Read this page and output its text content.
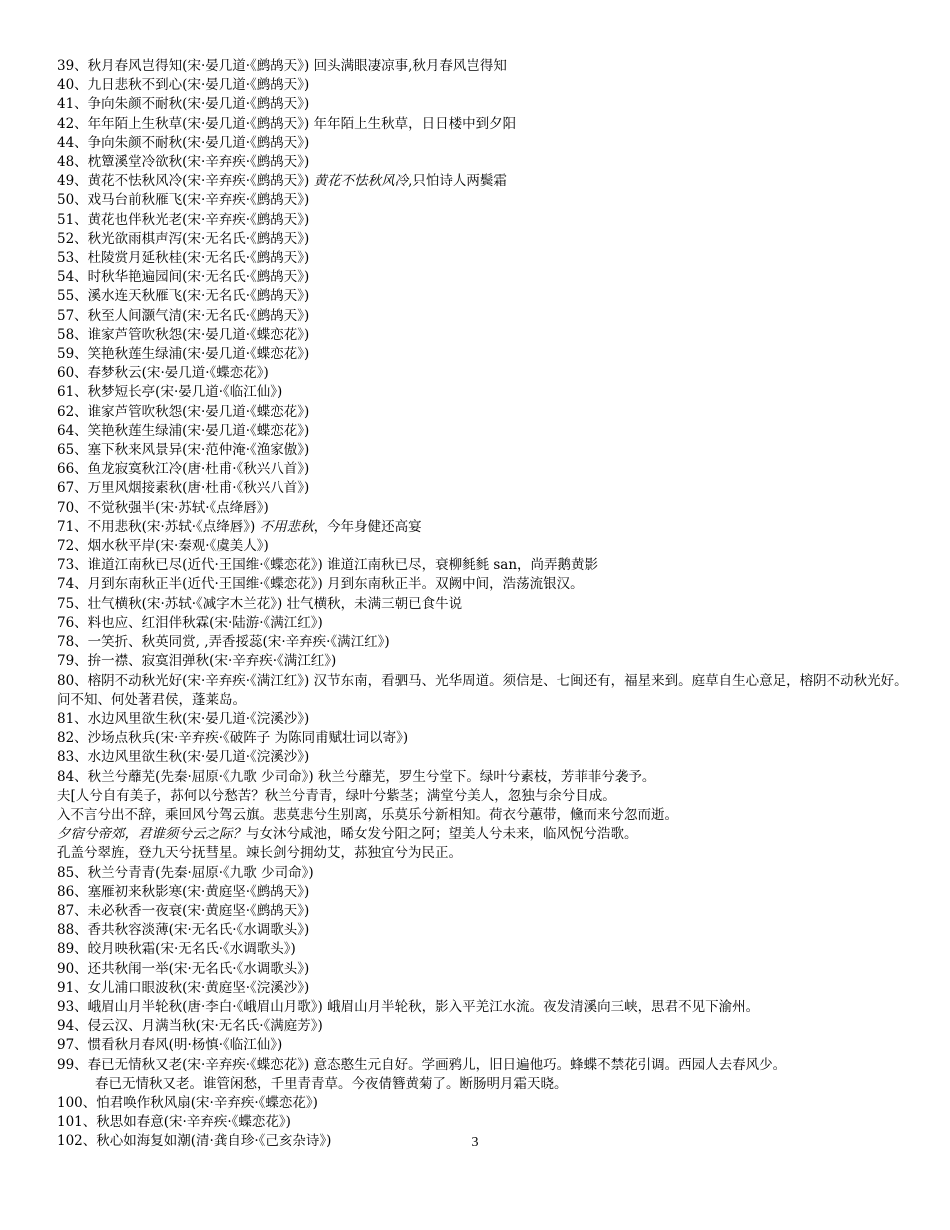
39、秋月春风岂得知(宋·晏几道·《鹧鸪天》) 回头满眼凄凉事,秋月春风岂得知
40、九日悲秋不到心(宋·晏几道·《鹧鸪天》)
41、争向朱颜不耐秋(宋·晏几道·《鹧鸪天》)
42、年年陌上生秋草(宋·晏几道·《鹧鸪天》) 年年陌上生秋草，日日楼中到夕阳
44、争向朱颜不耐秋(宋·晏几道·《鹧鸪天》)
48、枕簟溪堂冷欲秋(宋·辛弃疾·《鹧鸪天》)
49、黄花不怯秋风冷(宋·辛弃疾·《鹧鸪天》) 黄花不怯秋风冷,只怕诗人两鬓霜
50、戏马台前秋雁飞(宋·辛弃疾·《鹧鸪天》)
51、黄花也伴秋光老(宋·辛弃疾·《鹧鸪天》)
52、秋光欲雨棋声泻(宋·无名氏·《鹧鸪天》)
53、杜陵赏月延秋桂(宋·无名氏·《鹧鸪天》)
54、时秋华艳遍园间(宋·无名氏·《鹧鸪天》)
55、溪水连天秋雁飞(宋·无名氏·《鹧鸪天》)
57、秋至人间灏气清(宋·无名氏·《鹧鸪天》)
58、谁家芦管吹秋怨(宋·晏几道·《蝶恋花》)
59、笑艳秋莲生绿浦(宋·晏几道·《蝶恋花》)
60、春梦秋云(宋·晏几道·《蝶恋花》)
61、秋梦短长亭(宋·晏几道·《临江仙》)
62、谁家芦管吹秋怨(宋·晏几道·《蝶恋花》)
64、笑艳秋莲生绿浦(宋·晏几道·《蝶恋花》)
65、塞下秋来风景异(宋·范仲淹·《渔家傲》)
66、鱼龙寂寞秋江冷(唐·杜甫·《秋兴八首》)
67、万里风烟接素秋(唐·杜甫·《秋兴八首》)
70、不觉秋强半(宋·苏轼·《点绛唇》)
71、不用悲秋(宋·苏轼·《点绛唇》) 不用悲秋，今年身健还高宴
72、烟水秋平岸(宋·秦观·《虞美人》)
73、谁道江南秋已尽(近代·王国维·《蝶恋花》) 谁道江南秋已尽，衰柳毵毵 san，尚弄鹅黄影
74、月到东南秋正半(近代·王国维·《蝶恋花》) 月到东南秋正半。双阙中间，浩荡流银汉。
75、壮气横秋(宋·苏轼·《减字木兰花》) 壮气横秋，未满三朝已食牛说
76、料也应、红泪伴秋霖(宋·陆游·《满江红》)
78、一笑折、秋英同赏, ,弄香挼蕊(宋·辛弃疾·《满江红》)
79、拚一襟、寂寞泪弹秋(宋·辛弃疾·《满江红》)
80、榕阴不动秋光好(宋·辛弃疾·《满江红》) 汉节东南，看驷马、光华周道。须信是、七闽还有，福星来到。庭草自生心意足，榕阴不动秋光好。问不知、何处著君侯，蓬莱岛。
81、水边风里欲生秋(宋·晏几道·《浣溪沙》)
82、沙场点秋兵(宋·辛弃疾·《破阵子 为陈同甫赋壮词以寄》)
83、水边风里欲生秋(宋·晏几道·《浣溪沙》)
84、秋兰兮蘼芜(先秦·屈原·《九歌 少司命》) 秋兰兮蘼芜，罗生兮堂下。绿叶兮素枝，芳菲菲兮袭予。
夫[人兮自有美子，荪何以兮愁苦？秋兰兮青青，绿叶兮紫茎；满堂兮美人，忽独与余兮目成。
入不言兮出不辞，乘回风兮驾云旗。悲莫悲兮生别离，乐莫乐兮新相知。荷衣兮蕙带，儵而来兮忽而逝。
夕宿兮帝郊，君谁须兮云之际？与女沐兮咸池，晞女发兮阳之阿；望美人兮未来，临风怳兮浩歌。
孔盖兮翠旌，登九天兮抚彗星。竦长剑兮拥幼艾，荪独宜兮为民正。
85、秋兰兮青青(先秦·屈原·《九歌 少司命》)
86、塞雁初来秋影寒(宋·黄庭坚·《鹧鸪天》)
87、未必秋香一夜衰(宋·黄庭坚·《鹧鸪天》)
88、香共秋容淡薄(宋·无名氏·《水调歌头》)
89、皎月映秋霜(宋·无名氏·《水调歌头》)
90、还共秋闱一举(宋·无名氏·《水调歌头》)
91、女儿浦口眼波秋(宋·黄庭坚·《浣溪沙》)
93、峨眉山月半轮秋(唐·李白·《峨眉山月歌》) 峨眉山月半轮秋，影入平羌江水流。夜发清溪向三峡，思君不见下渝州。
94、侵云汉、月满当秋(宋·无名氏·《满庭芳》)
97、惯看秋月春风(明·杨慎·《临江仙》)
99、春已无情秋又老(宋·辛弃疾·《蝶恋花》) 意态憨生元自好。学画鸦儿，旧日遍他巧。蜂蝶不禁花引调。西园人去春风少。
春已无情秋又老。谁管闲愁，千里青青草。今夜倩簪黄菊了。断肠明月霜天晓。
100、怕君唤作秋风扇(宋·辛弃疾·《蝶恋花》)
101、秋思如春意(宋·辛弃疾·《蝶恋花》)
102、秋心如海复如潮(清·龚自珍·《己亥杂诗》)	3
